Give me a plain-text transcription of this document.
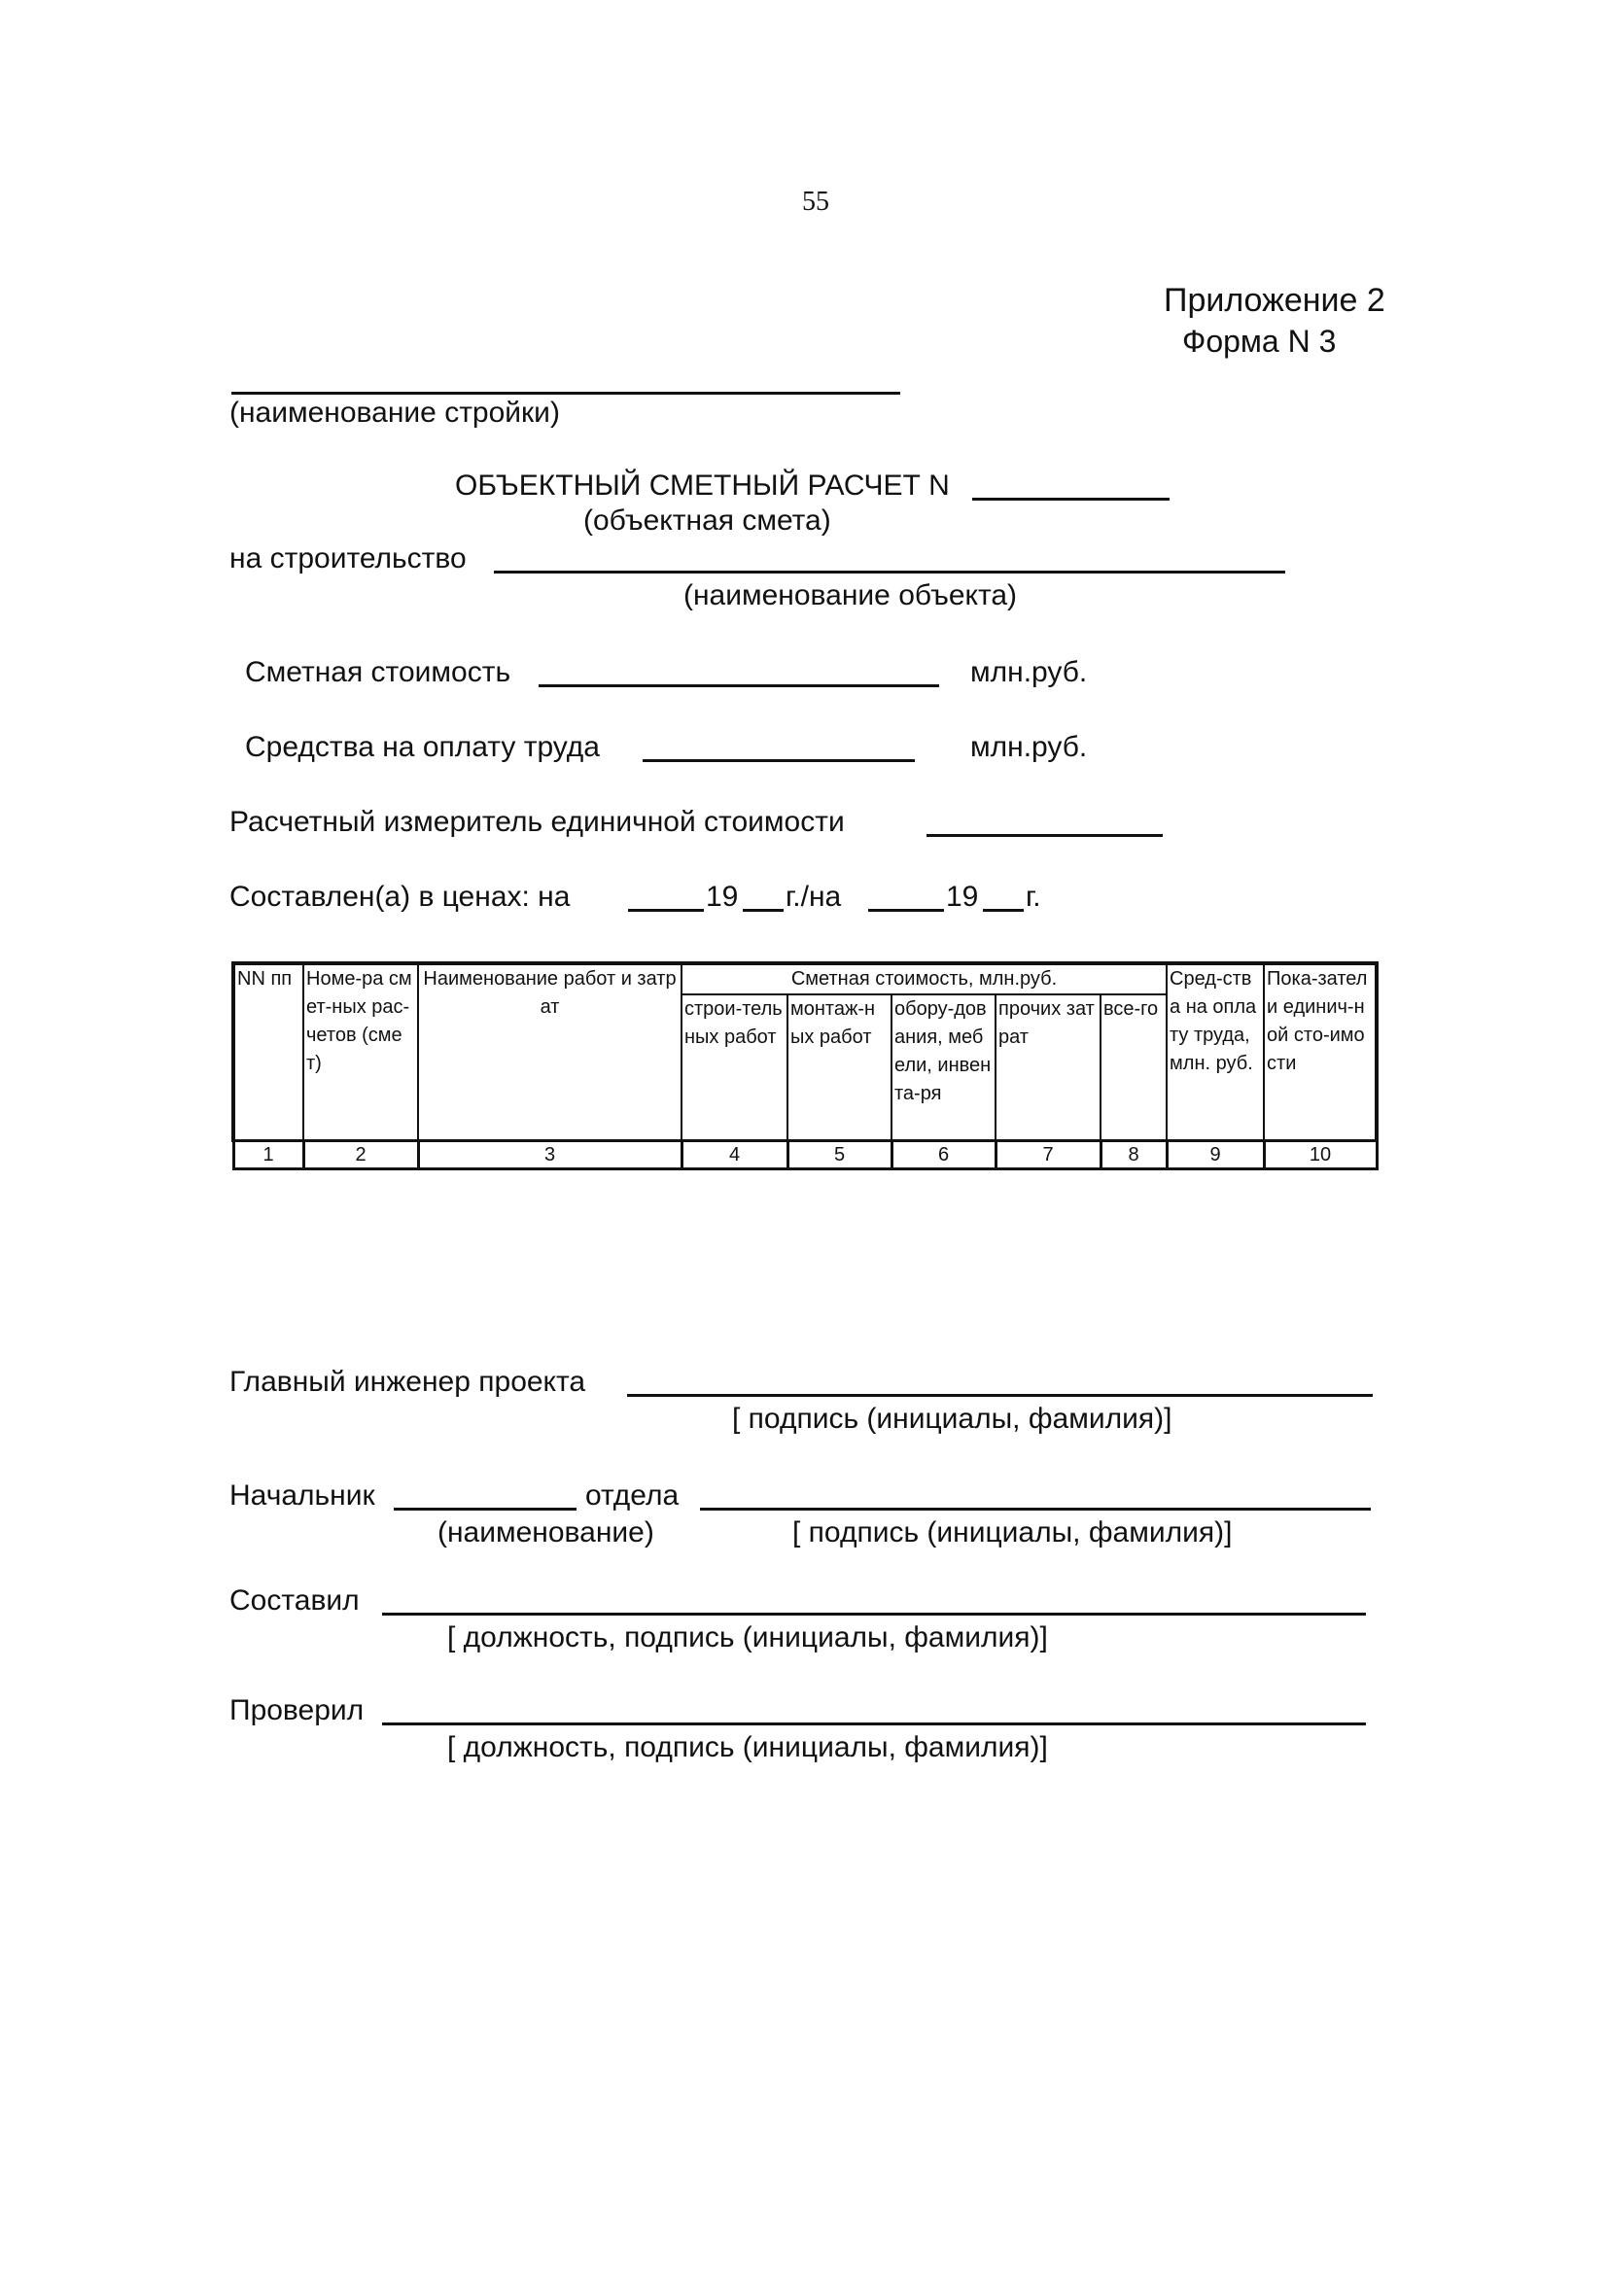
55
Приложение 2
Форма N 3
(наименование стройки)
ОБЪЕКТНЫЙ СМЕТНЫЙ РАСЧЕТ N
(объектная смета)
на строительство
(наименование объекта)
Сметная стоимость	млн.руб.
Средства на оплату труда	млн.руб.
Расчетный измеритель единичной стоимости
Составлен(а) в ценах: на	19 г./на	19 г.
NN пп	Номе-ра смет-ных рас-четов (смет)	Наименование работ и затрат	Сметная стоимость, млн.руб.					Сред-ства на оплату труда, млн. руб.	Пока-затели единич-ной сто-имости
			строи-тельных работ	монтаж-ных работ	обору-дования, мебели, инвента-ря	прочих затрат	все-го		
1	2	3	4	5	6	7	8	9	10
Главный инженер проекта
[ подпись (инициалы, фамилия)]
Начальник	отдела
(наименование)	[ подпись (инициалы, фамилия)]
Составил
[ должность, подпись (инициалы, фамилия)]
Проверил
[ должность, подпись (инициалы, фамилия)]
